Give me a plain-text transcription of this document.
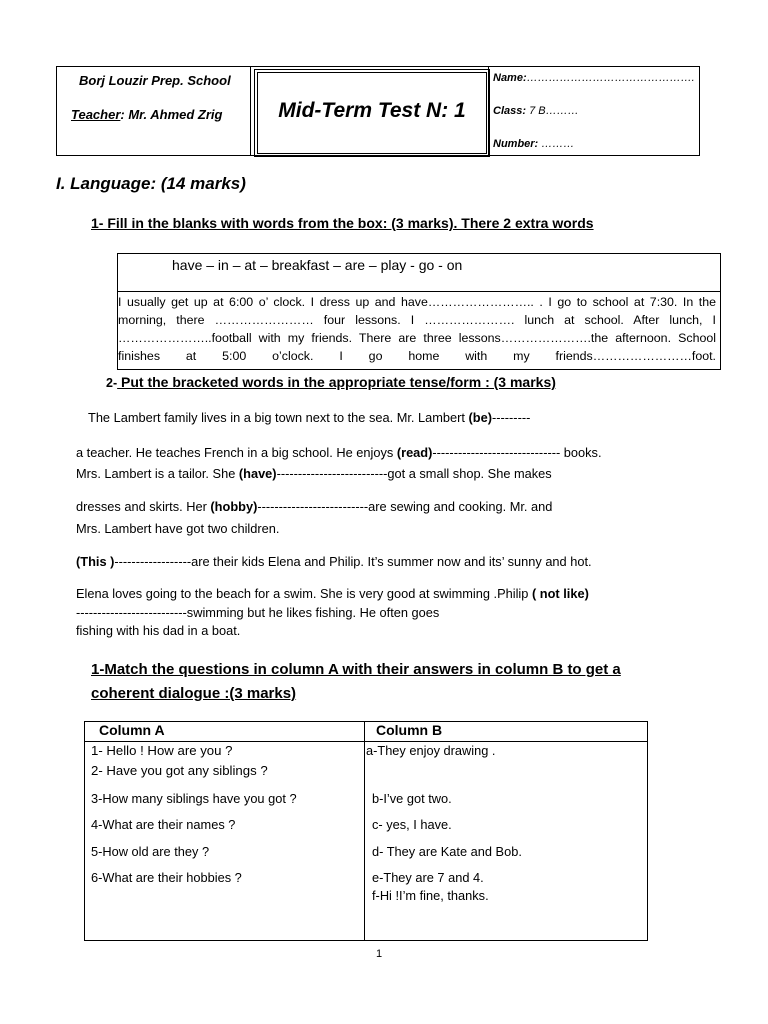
Borj Louzir Prep. School
Teacher: Mr. Ahmed Zrig	Mid-Term Test N: 1
Name:……………………………………….
Class: 7 B………
Number: ………
I. Language: (14 marks)
1- Fill in the blanks with words from the box: (3 marks). There 2 extra words
have – in – at – breakfast – are – play - go - on
I usually get up at 6:00 o’ clock. I dress up and have…………………….. . I go to school at 7:30. In the morning, there …………………… four lessons. I …………………. lunch at school. After lunch, I …………………..football with my friends. There are three lessons………………….the afternoon. School finishes at 5:00 o’clock. I go home with my friends……………………foot.
2- Put the bracketed words in the appropriate tense/form : (3 marks)
The Lambert family lives in a big town next to the sea. Mr. Lambert (be)---------
a teacher. He teaches French in a big school. He enjoys (read)------------------------------ books.
Mrs. Lambert is a tailor. She (have)--------------------------got a small shop. She makes
dresses and skirts. Her (hobby)--------------------------are sewing and cooking. Mr. and
Mrs. Lambert have got two children.
(This )------------------are their kids Elena and Philip. It’s summer now and its’ sunny and hot.
Elena loves going to the beach for a swim. She is very good at swimming .Philip ( not like)
--------------------------swimming but he likes fishing. He often goes
fishing with his dad in a boat.
1-Match the questions in column A with their answers in column B to get a
coherent dialogue :(3 marks)
Column A	Column B
1- Hello ! How are you ?
2- Have you got any siblings ?
3-How many siblings have you got ?
4-What are their names ?
5-How old are they ?
6-What are their hobbies ?
a-They enjoy drawing .
b-I’ve got two.
c- yes, I have.
d- They are Kate and Bob.
e-They are 7 and 4.
f-Hi !I’m fine, thanks.
1
